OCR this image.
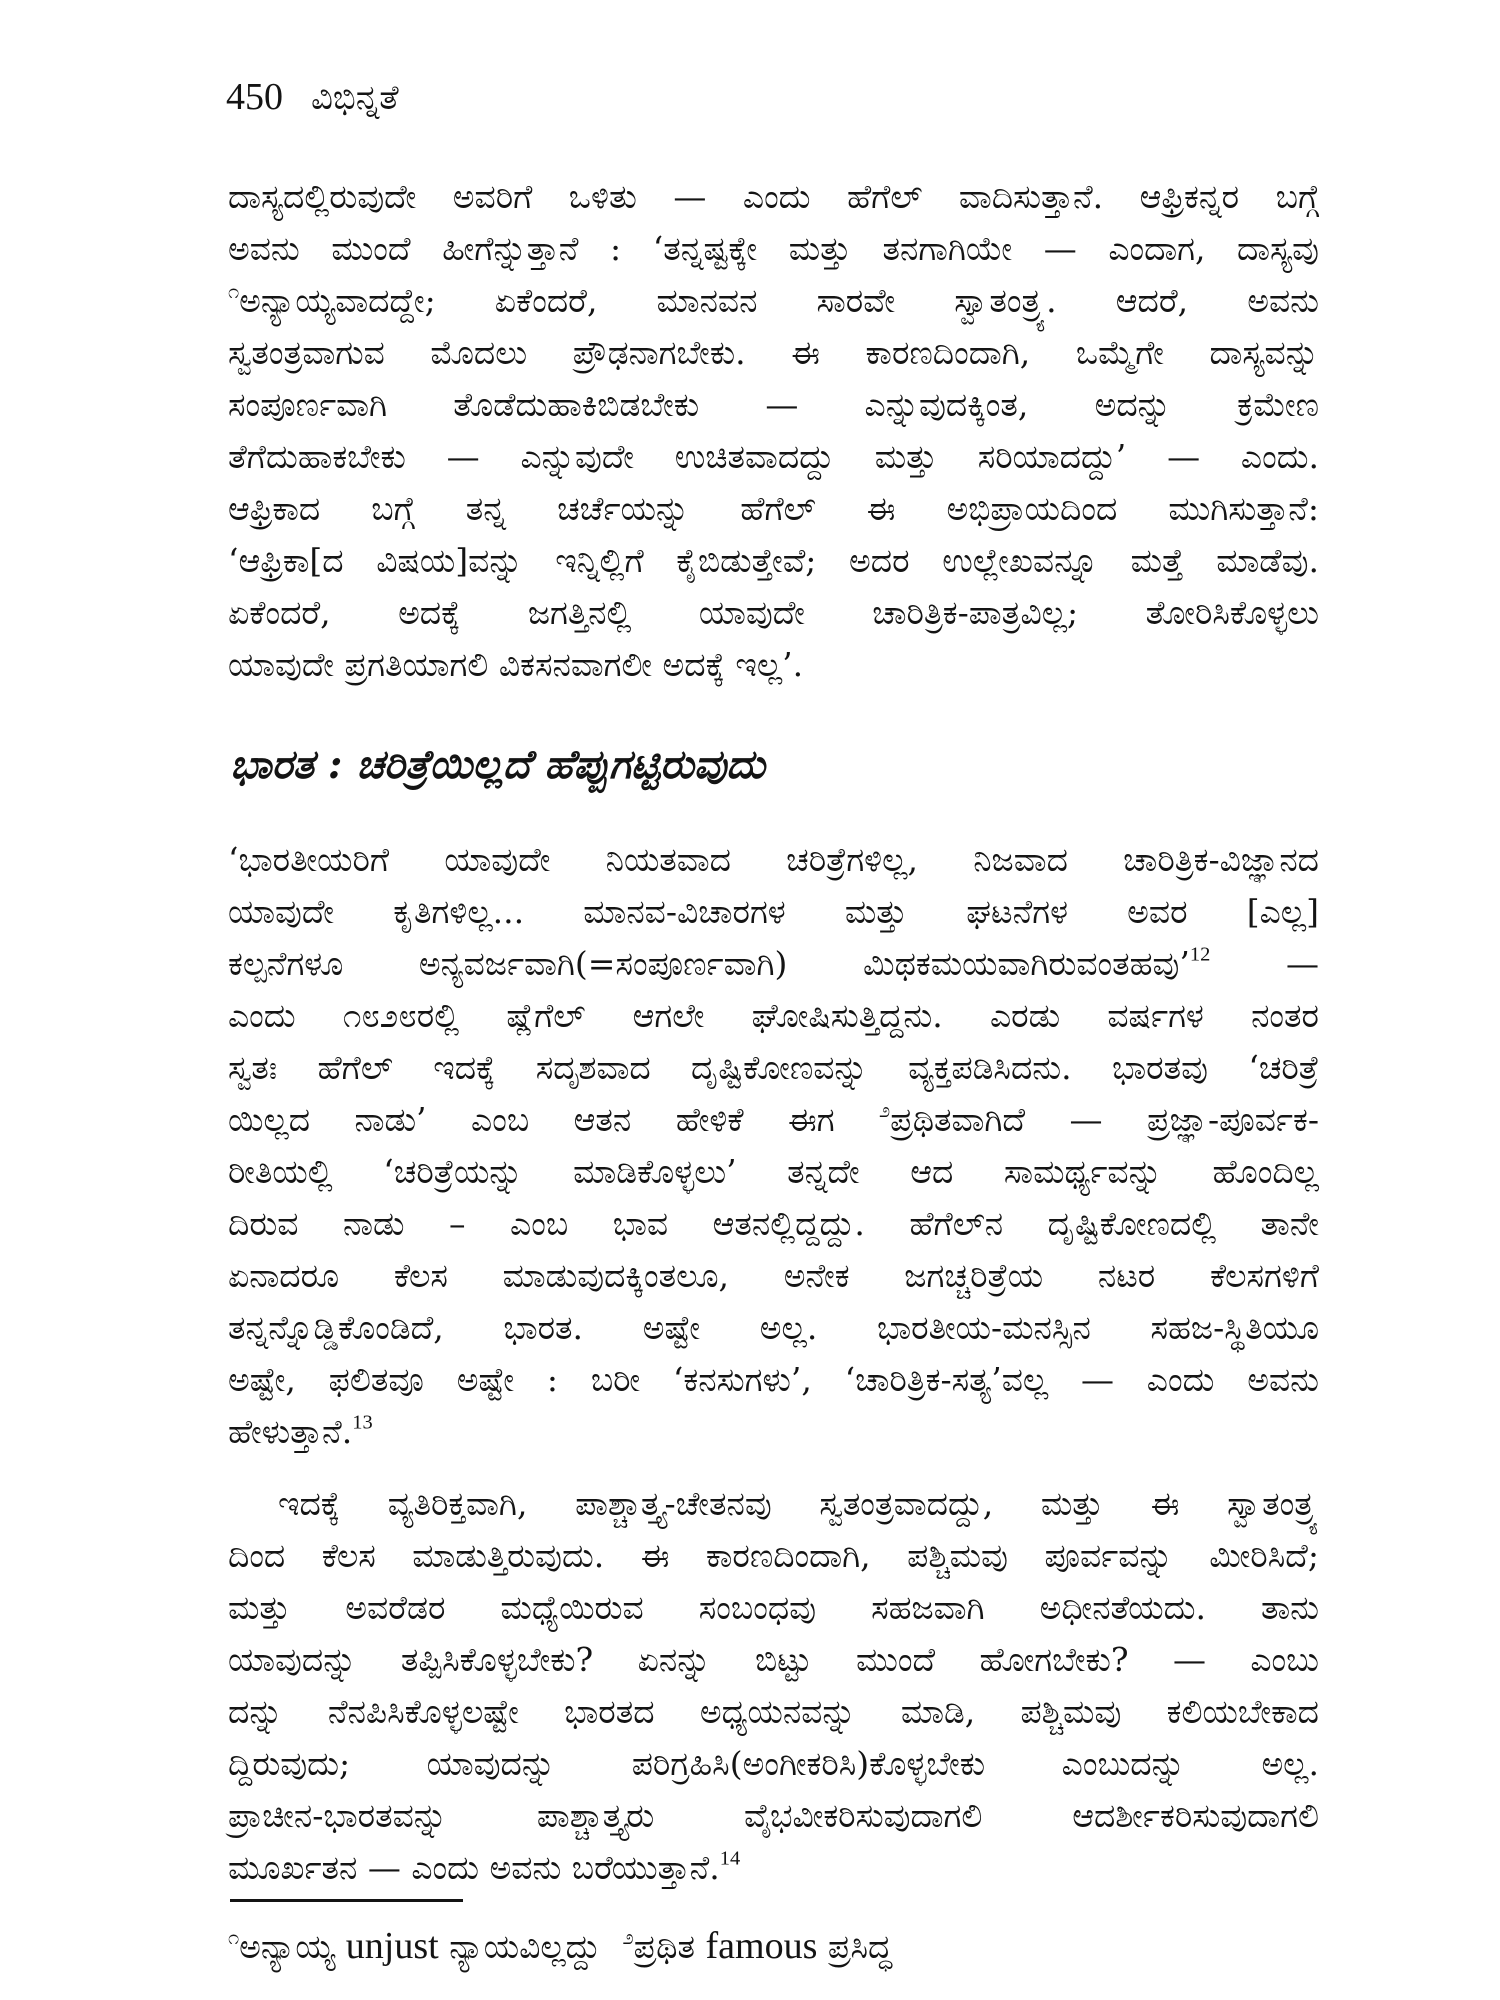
450 ವಿಭಿನ್ನತೆ
ದಾಸ್ಯದಲ್ಲಿರುವುದೇ ಅವರಿಗೆ ಒಳಿತು — ಎಂದು ಹೆಗೆಲ್ ವಾದಿಸುತ್ತಾನೆ. ಆಫ್ರಿಕನ್ನರ ಬಗ್ಗೆ
ಅವನು ಮುಂದೆ ಹೀಗೆನ್ನುತ್ತಾನೆ : ‘ತನ್ನಷ್ಟಕ್ಕೇ ಮತ್ತು ತನಗಾಗಿಯೇ — ಎಂದಾಗ, ದಾಸ್ಯವು
$^೧$ಅನ್ಯಾಯ್ಯವಾದದ್ದೇ; ಏಕೆಂದರೆ, ಮಾನವನ ಸಾರವೇ ಸ್ವಾತಂತ್ರ್ಯ. ಆದರೆ, ಅವನು
ಸ್ವತಂತ್ರವಾಗುವ ಮೊದಲು ಪ್ರೌಢನಾಗಬೇಕು. ಈ ಕಾರಣದಿಂದಾಗಿ, ಒಮ್ಮೆಗೇ ದಾಸ್ಯವನ್ನು
ಸಂಪೂರ್ಣವಾಗಿ ತೊಡೆದುಹಾಕಿಬಿಡಬೇಕು — ಎನ್ನುವುದಕ್ಕಿಂತ, ಅದನ್ನು ಕ್ರಮೇಣ
ತೆಗೆದುಹಾಕಬೇಕು — ಎನ್ನುವುದೇ ಉಚಿತವಾದದ್ದು ಮತ್ತು ಸರಿಯಾದದ್ದು’ — ಎಂದು.
ಆಫ್ರಿಕಾದ ಬಗ್ಗೆ ತನ್ನ ಚರ್ಚೆಯನ್ನು ಹೆಗೆಲ್ ಈ ಅಭಿಪ್ರಾಯದಿಂದ ಮುಗಿಸುತ್ತಾನೆ:
‘ಆಫ್ರಿಕಾ[ದ ವಿಷಯ]ವನ್ನು ಇನ್ನಿಲ್ಲಿಗೆ ಕೈಬಿಡುತ್ತೇವೆ; ಅದರ ಉಲ್ಲೇಖವನ್ನೂ ಮತ್ತೆ ಮಾಡೆವು.
ಏಕೆಂದರೆ, ಅದಕ್ಕೆ ಜಗತ್ತಿನಲ್ಲಿ ಯಾವುದೇ ಚಾರಿತ್ರಿಕ-ಪಾತ್ರವಿಲ್ಲ; ತೋರಿಸಿಕೊಳ್ಳಲು
ಯಾವುದೇ ಪ್ರಗತಿಯಾಗಲಿ ವಿಕಸನವಾಗಲೀ ಅದಕ್ಕೆ ಇಲ್ಲ’.
ಭಾರತ : ಚರಿತ್ರೆಯಿಲ್ಲದೆ ಹೆಪ್ಪುಗಟ್ಟಿರುವುದು
‘ಭಾರತೀಯರಿಗೆ ಯಾವುದೇ ನಿಯತವಾದ ಚರಿತ್ರೆಗಳಿಲ್ಲ, ನಿಜವಾದ ಚಾರಿತ್ರಿಕ-ವಿಜ್ಞಾನದ
ಯಾವುದೇ ಕೃತಿಗಳಿಲ್ಲ... ಮಾನವ-ವಿಚಾರಗಳ ಮತ್ತು ಘಟನೆಗಳ ಅವರ [ಎಲ್ಲ]
ಕಲ್ಪನೆಗಳೂ ಅನ್ಯವರ್ಜವಾಗಿ(=ಸಂಪೂರ್ಣವಾಗಿ) ಮಿಥಕಮಯವಾಗಿರುವಂತಹವು’$^{12}$ —
ಎಂದು ೧೮೨೮ರಲ್ಲಿ ಷ್ಲೆಗೆಲ್ ಆಗಲೇ ಘೋಷಿಸುತ್ತಿದ್ದನು. ಎರಡು ವರ್ಷಗಳ ನಂತರ
ಸ್ವತಃ ಹೆಗೆಲ್ ಇದಕ್ಕೆ ಸದೃಶವಾದ ದೃಷ್ಟಿಕೋಣವನ್ನು ವ್ಯಕ್ತಪಡಿಸಿದನು. ಭಾರತವು ‘ಚರಿತ್ರೆ
ಯಿಲ್ಲದ ನಾಡು’ ಎಂಬ ಆತನ ಹೇಳಿಕೆ ಈಗ $^೨$ಪ್ರಥಿತವಾಗಿದೆ — ಪ್ರಜ್ಞಾ-ಪೂರ್ವಕ-
ರೀತಿಯಲ್ಲಿ ‘ಚರಿತ್ರೆಯನ್ನು ಮಾಡಿಕೊಳ್ಳಲು’ ತನ್ನದೇ ಆದ ಸಾಮರ್ಥ್ಯವನ್ನು ಹೊಂದಿಲ್ಲ
ದಿರುವ ನಾಡು – ಎಂಬ ಭಾವ ಆತನಲ್ಲಿದ್ದದ್ದು. ಹೆಗೆಲ್‌ನ ದೃಷ್ಟಿಕೋಣದಲ್ಲಿ ತಾನೇ
ಏನಾದರೂ ಕೆಲಸ ಮಾಡುವುದಕ್ಕಿಂತಲೂ, ಅನೇಕ ಜಗಚ್ಚರಿತ್ರೆಯ ನಟರ ಕೆಲಸಗಳಿಗೆ
ತನ್ನನ್ನೊಡ್ಡಿಕೊಂಡಿದೆ, ಭಾರತ. ಅಷ್ಟೇ ಅಲ್ಲ. ಭಾರತೀಯ-ಮನಸ್ಸಿನ ಸಹಜ-ಸ್ಥಿತಿಯೂ
ಅಷ್ಟೇ, ಫಲಿತವೂ ಅಷ್ಟೇ : ಬರೀ ‘ಕನಸುಗಳು’, ‘ಚಾರಿತ್ರಿಕ-ಸತ್ಯ’ವಲ್ಲ — ಎಂದು ಅವನು
ಹೇಳುತ್ತಾನೆ.$^{13}$
ಇದಕ್ಕೆ ವ್ಯತಿರಿಕ್ತವಾಗಿ, ಪಾಶ್ಚಾತ್ತ್ಯ-ಚೇತನವು ಸ್ವತಂತ್ರವಾದದ್ದು, ಮತ್ತು ಈ ಸ್ವಾತಂತ್ರ್ಯ
ದಿಂದ ಕೆಲಸ ಮಾಡುತ್ತಿರುವುದು. ಈ ಕಾರಣದಿಂದಾಗಿ, ಪಶ್ಚಿಮವು ಪೂರ್ವವನ್ನು ಮೀರಿಸಿದೆ;
ಮತ್ತು ಅವರೆಡರ ಮಧ್ಯೆಯಿರುವ ಸಂಬಂಧವು ಸಹಜವಾಗಿ ಅಧೀನತೆಯದು. ತಾನು
ಯಾವುದನ್ನು ತಪ್ಪಿಸಿಕೊಳ್ಳಬೇಕು? ಏನನ್ನು ಬಿಟ್ಟು ಮುಂದೆ ಹೋಗಬೇಕು? — ಎಂಬು
ದನ್ನು ನೆನಪಿಸಿಕೊಳ್ಳಲಷ್ಟೇ ಭಾರತದ ಅಧ್ಯಯನವನ್ನು ಮಾಡಿ, ಪಶ್ಚಿಮವು ಕಲಿಯಬೇಕಾದ
ದ್ದಿರುವುದು; ಯಾವುದನ್ನು ಪರಿಗ್ರಹಿಸಿ(ಅಂಗೀಕರಿಸಿ)ಕೊಳ್ಳಬೇಕು ಎಂಬುದನ್ನು ಅಲ್ಲ.
ಪ್ರಾಚೀನ-ಭಾರತವನ್ನು ಪಾಶ್ಚಾತ್ತ್ಯರು ವೈಭವೀಕರಿಸುವುದಾಗಲಿ ಆದರ್ಶೀಕರಿಸುವುದಾಗಲಿ
ಮೂರ್ಖತನ — ಎಂದು ಅವನು ಬರೆಯುತ್ತಾನೆ.$^{14}$
$^೧$ಅನ್ಯಾಯ್ಯ unjust ನ್ಯಾಯವಿಲ್ಲದ್ದು $^೨$ಪ್ರಥಿತ famous ಪ್ರಸಿದ್ಧ
